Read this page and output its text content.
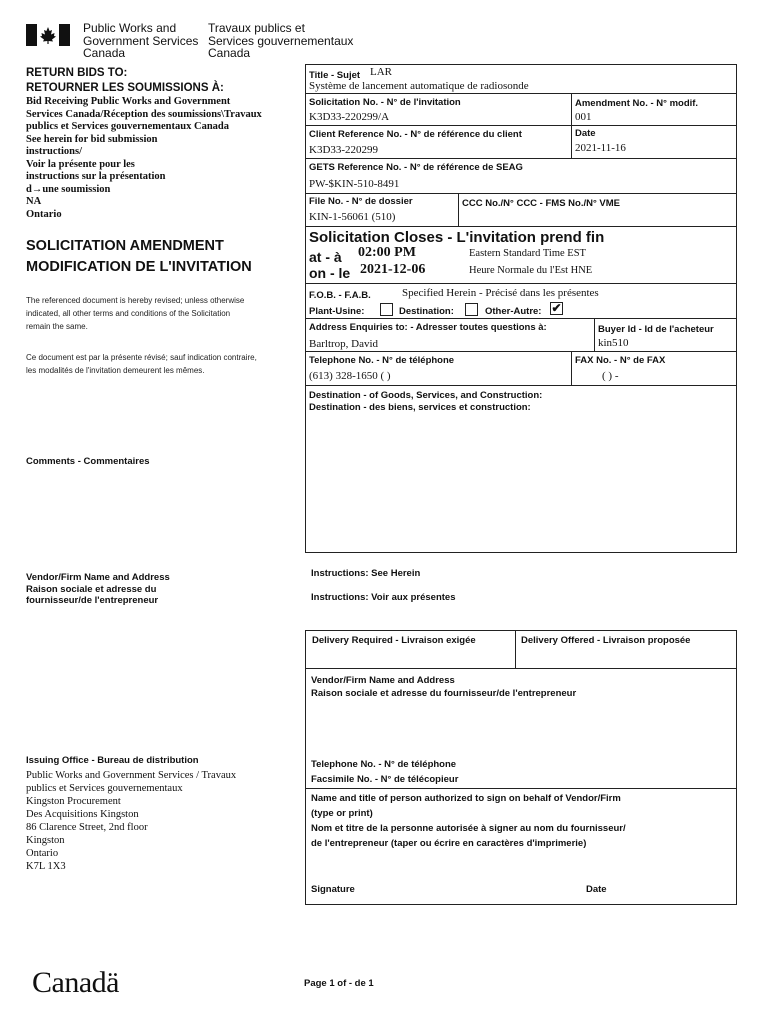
Public Works and
Government Services
Canada
Travaux publics et
Services gouvernementaux
Canada
RETURN BIDS TO:
RETOURNER LES SOUMISSIONS À:
Bid Receiving Public Works and Government
Services Canada/Réception des soumissions\Travaux
publics et Services gouvernementaux Canada
See herein for bid submission
instructions/
Voir la présente pour les
instructions sur la présentation
d→une soumission
NA
Ontario
SOLICITATION AMENDMENT
MODIFICATION DE L'INVITATION
The referenced document is hereby revised; unless otherwise
indicated, all other terms and conditions of the Solicitation
remain the same.
Ce document est par la présente révisé; sauf indication contraire,
les modalités de l'invitation demeurent les mêmes.
Comments - Commentaires
Vendor/Firm Name and Address
Raison sociale et adresse du
fournisseur/de l'entrepreneur
Issuing Office - Bureau de distribution
Public Works and Government Services / Travaux
publics et Services gouvernementaux
Kingston Procurement
Des Acquisitions Kingston
86 Clarence Street, 2nd floor
Kingston
Ontario
K7L 1X3
Title - Sujet LAR
Système de lancement automatique de radiosonde
Solicitation No. - N° de l'invitation
K3D33-220299/A
Amendment No. - N° modif.
001
Client Reference No. - N° de référence du client
K3D33-220299
Date
2021-11-16
GETS Reference No. - N° de référence de SEAG
PW-$KIN-510-8491
File No. - N° de dossier
KIN-1-56061 (510)
CCC No./N° CCC - FMS No./N° VME
Solicitation Closes - L'invitation prend fin
at - à 02:00 PM
on - le 2021-12-06
Eastern Standard Time EST
Heure Normale du l'Est HNE
F.O.B. - F.A.B.	Specified Herein - Précisé dans les présentes
Plant-Usine:	Destination:	Other-Autre: ✔
Address Enquiries to: - Adresser toutes questions à:
Barltrop, David
Buyer Id - Id de l'acheteur
kin510
Telephone No. - N° de téléphone
(613) 328-1650 ( )
FAX No. - N° de FAX
( ) -
Destination - of Goods, Services, and Construction:
Destination - des biens, services et construction:
Instructions: See Herein
Instructions: Voir aux présentes
Delivery Required - Livraison exigée	Delivery Offered - Livraison proposée
Vendor/Firm Name and Address
Raison sociale et adresse du fournisseur/de l'entrepreneur
Telephone No. - N° de téléphone
Facsimile No. - N° de télécopieur
Name and title of person authorized to sign on behalf of Vendor/Firm
(type or print)
Nom et titre de la personne autorisée à signer au nom du fournisseur/
de l'entrepreneur (taper ou écrire en caractères d'imprimerie)
Signature	Date
Canadä	Page 1 of - de 1
